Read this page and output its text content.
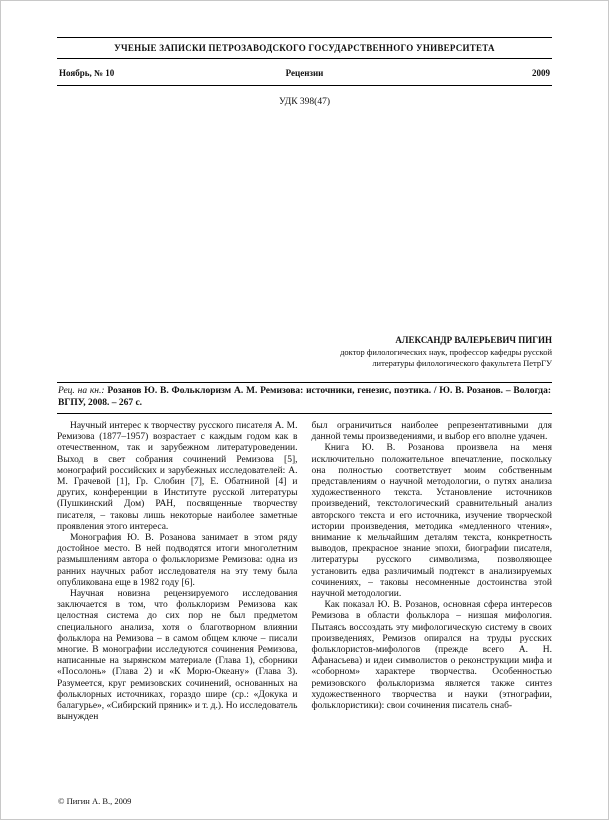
УЧЕНЫЕ ЗАПИСКИ ПЕТРОЗАВОДСКОГО ГОСУДАРСТВЕННОГО УНИВЕРСИТЕТА
Ноябрь, № 10	Рецензии	2009
УДК 398(47)
АЛЕКСАНДР ВАЛЕРЬЕВИЧ ПИГИН
доктор филологических наук, профессор кафедры русской
литературы филологического факультета ПетрГУ
Рец. на кн.: Розанов Ю. В. Фольклоризм А. М. Ремизова: источники, генезис, поэтика. / Ю. В. Розанов. – Вологда: ВГПУ, 2008. – 267 с.

Научный интерес к творчеству русского писателя А. М. Ремизова (1877–1957) возрастает с каждым годом как в отечественном, так и зарубежном литературоведении. Выход в свет собрания сочинений Ремизова [5], монографий российских и зарубежных исследователей: А. М. Грачевой [1], Гр. Слобин [7], Е. Обатниной [4] и других, конференции в Институте русской литературы (Пушкинский Дом) РАН, посвященные творчеству писателя, – таковы лишь некоторые наиболее заметные проявления этого интереса.

Монография Ю. В. Розанова занимает в этом ряду достойное место. В ней подводятся итоги многолетним размышлениям автора о фольклоризме Ремизова: одна из ранних научных работ исследователя на эту тему была опубликована еще в 1982 году [6].

Научная новизна рецензируемого исследования заключается в том, что фольклоризм Ремизова как целостная система до сих пор не был предметом специального анализа, хотя о благотворном влиянии фольклора на Ремизова – в самом общем ключе – писали многие. В монографии исследуются сочинения Ремизова, написанные на зырянском материале (Глава 1), сборники «Посолонь» (Глава 2) и «К Морю-Океану» (Глава 3). Разумеется, круг ремизовских сочинений, основанных на фольклорных источниках, гораздо шире (ср.: «Докука и балагурье», «Сибирский пряник» и т. д.). Но исследователь вынужден

был ограничиться наиболее репрезентативными для данной темы произведениями, и выбор его вполне удачен.

Книга Ю. В. Розанова произвела на меня исключительно положительное впечатление, поскольку она полностью соответствует моим собственным представлениям о научной методологии, о путях анализа художественного текста. Установление источников произведений, текстологический сравнительный анализ авторского текста и его источника, изучение творческой истории произведения, методика «медленного чтения», внимание к мельчайшим деталям текста, конкретность выводов, прекрасное знание эпохи, биографии писателя, литературы русского символизма, позволяющее установить едва различимый подтекст в анализируемых сочинениях, – таковы несомненные достоинства этой научной методологии.

Как показал Ю. В. Розанов, основная сфера интересов Ремизова в области фольклора – низшая мифология. Пытаясь воссоздать эту мифологическую систему в своих произведениях, Ремизов опирался на труды русских фольклористов-мифологов (прежде всего А. Н. Афанасьева) и идеи символистов о реконструкции мифа и «соборном» характере творчества. Особенностью ремизовского фольклоризма является также синтез художественного творчества и науки (этнографии, фольклористики): свои сочинения писатель снаб-

© Пигин А. В., 2009
